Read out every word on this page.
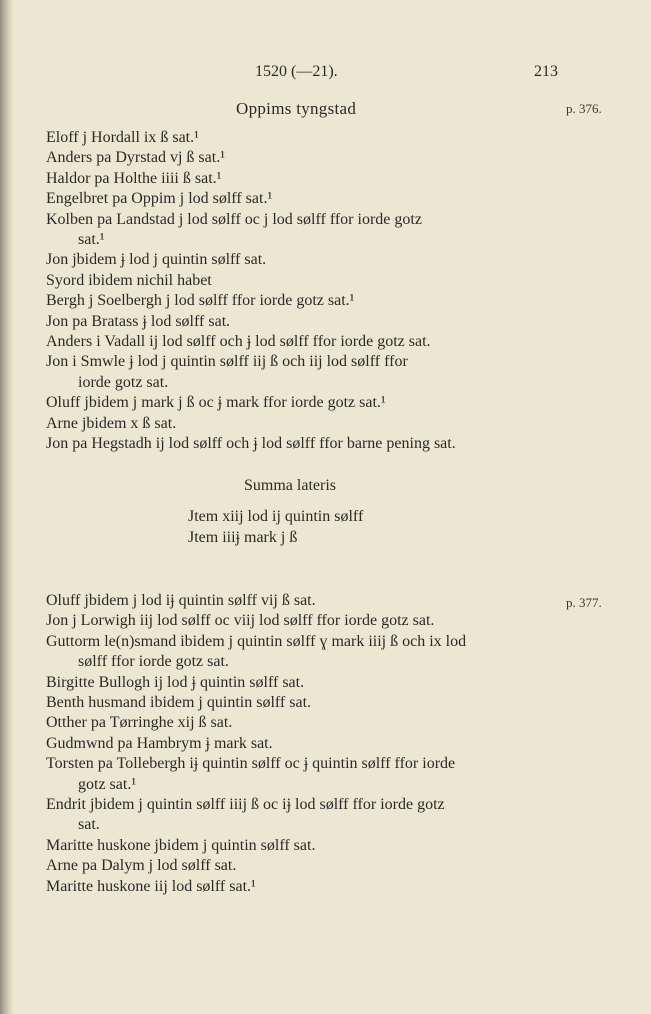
1520 (—21).	213
Oppims tyngstad	p. 376.
Eloff j Hordall ix ß sat.¹
Anders pa Dyrstad vj ß sat.¹
Haldor pa Holthe iiii ß sat.¹
Engelbret pa Oppim j lod sølff sat.¹
Kolben pa Landstad j lod sølff oc j lod sølff ffor iorde gotz
sat.¹
Jon jbidem ɉ lod j quintin sølff sat.
Syord ibidem nichil habet
Bergh j Soelbergh j lod sølff ffor iorde gotz sat.¹
Jon pa Bratass ɉ lod sølff sat.
Anders i Vadall ij lod sølff och ɉ lod sølff ffor iorde gotz sat.
Jon i Smwle ɉ lod j quintin sølff iij ß och iij lod sølff ffor
iorde gotz sat.
Oluff jbidem j mark j ß oc ɉ mark ffor iorde gotz sat.¹
Arne jbidem x ß sat.
Jon pa Hegstadh ij lod sølff och ɉ lod sølff ffor barne pening sat.
Summa lateris
Jtem xiij lod ij quintin sølff
Jtem iiiɉ mark j ß
p. 377.
Oluff jbidem j lod iɉ quintin sølff vij ß sat.
Jon j Lorwigh iij lod sølff oc viij lod sølff ffor iorde gotz sat.
Guttorm le(n)smand ibidem j quintin sølff ɣ mark iiij ß och ix lod
sølff ffor iorde gotz sat.
Birgitte Bullogh ij lod ɉ quintin sølff sat.
Benth husmand ibidem j quintin sølff sat.
Otther pa Tørringhe xij ß sat.
Gudmwnd pa Hambrym ɉ mark sat.
Torsten pa Tollebergh iɉ quintin sølff oc ɉ quintin sølff ffor iorde
gotz sat.¹
Endrit jbidem j quintin sølff iiij ß oc iɉ lod sølff ffor iorde gotz
sat.
Maritte huskone jbidem j quintin sølff sat.
Arne pa Dalym j lod sølff sat.
Maritte huskone iij lod sølff sat.¹
